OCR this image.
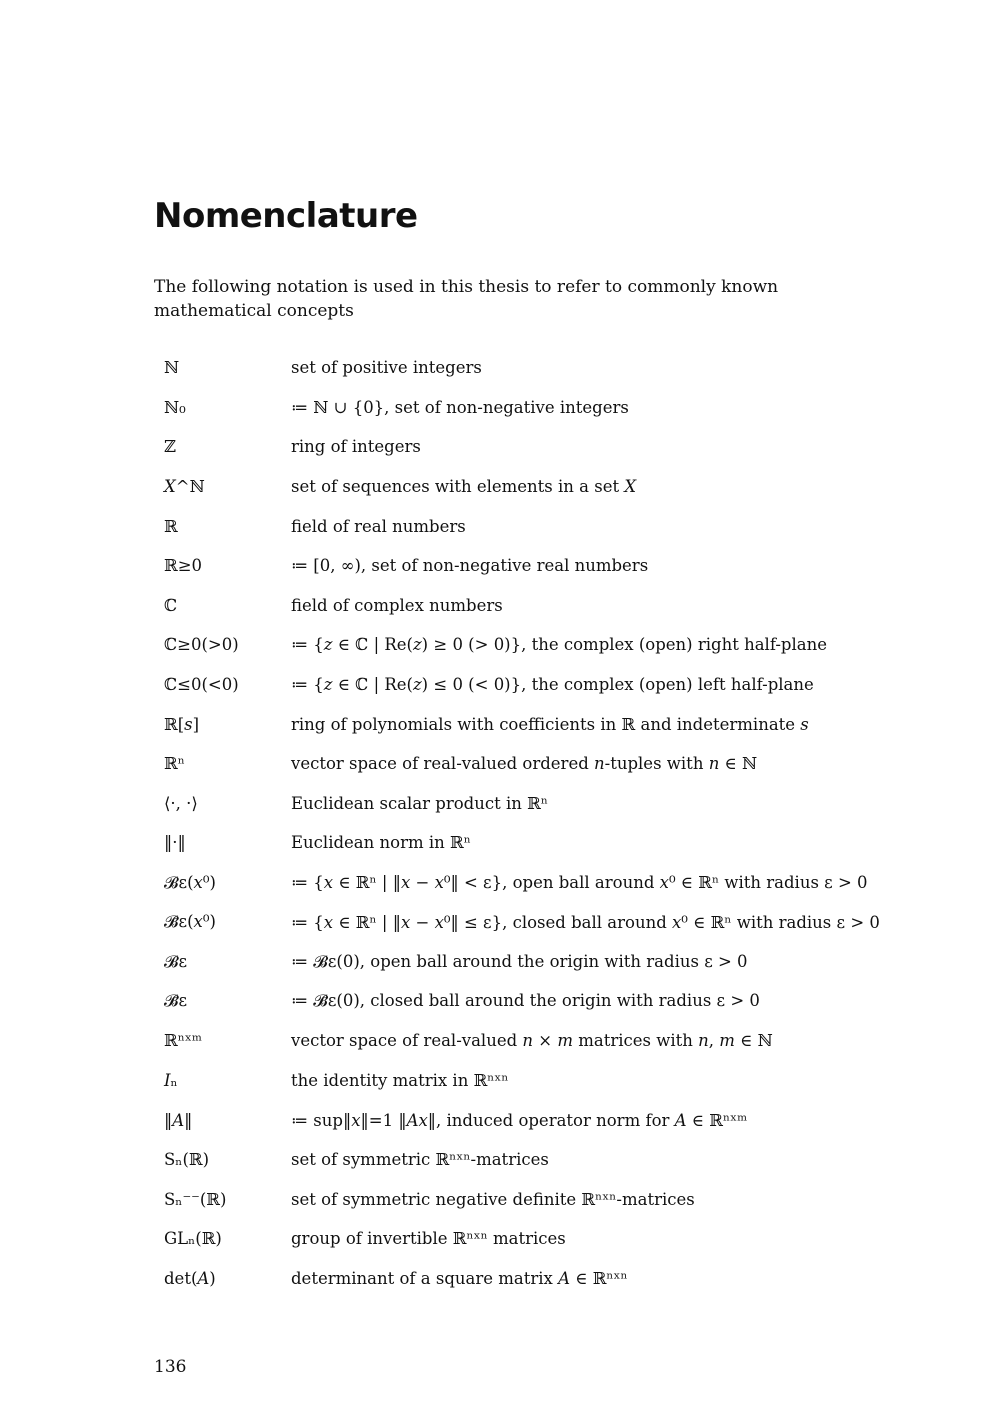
Nomenclature

The following notation is used in this thesis to refer to commonly known mathematical concepts

ℕ	set of positive integers
ℕ₀	≔ ℕ ∪ {0}, set of non-negative integers
ℤ	ring of integers
𝑋^ℕ	set of sequences with elements in a set 𝑋
ℝ	field of real numbers
ℝ≥0	≔ [0, ∞), set of non-negative real numbers
ℂ	field of complex numbers
ℂ≥0(>0)	≔ {𝑧 ∈ ℂ | Re(𝑧) ≥ 0 (> 0)}, the complex (open) right half-plane
ℂ≤0(<0)	≔ {𝑧 ∈ ℂ | Re(𝑧) ≤ 0 (< 0)}, the complex (open) left half-plane
ℝ[𝑠]	ring of polynomials with coefficients in ℝ and indeterminate 𝑠
ℝⁿ	vector space of real-valued ordered 𝑛-tuples with 𝑛 ∈ ℕ
⟨·, ·⟩	Euclidean scalar product in ℝⁿ
‖·‖	Euclidean norm in ℝⁿ
𝓑ε(𝑥⁰)	≔ {𝑥 ∈ ℝⁿ | ‖𝑥 − 𝑥⁰‖ < ε}, open ball around 𝑥⁰ ∈ ℝⁿ with radius ε > 0
𝓑̄ε(𝑥⁰)	≔ {𝑥 ∈ ℝⁿ | ‖𝑥 − 𝑥⁰‖ ≤ ε}, closed ball around 𝑥⁰ ∈ ℝⁿ with radius ε > 0
𝓑ε	≔ 𝓑ε(0), open ball around the origin with radius ε > 0
𝓑̄ε	≔ 𝓑̄ε(0), closed ball around the origin with radius ε > 0
ℝⁿˣᵐ	vector space of real-valued 𝑛 × 𝑚 matrices with 𝑛, 𝑚 ∈ ℕ
𝐼ₙ	the identity matrix in ℝⁿˣⁿ
‖𝐴‖	≔ sup‖𝑥‖=1 ‖𝐴𝑥‖, induced operator norm for 𝐴 ∈ ℝⁿˣᵐ
Sₙ(ℝ)	set of symmetric ℝⁿˣⁿ-matrices
Sₙ⁻⁻(ℝ)	set of symmetric negative definite ℝⁿˣⁿ-matrices
GLₙ(ℝ)	group of invertible ℝⁿˣⁿ matrices
det(𝐴)	determinant of a square matrix 𝐴 ∈ ℝⁿˣⁿ

136
